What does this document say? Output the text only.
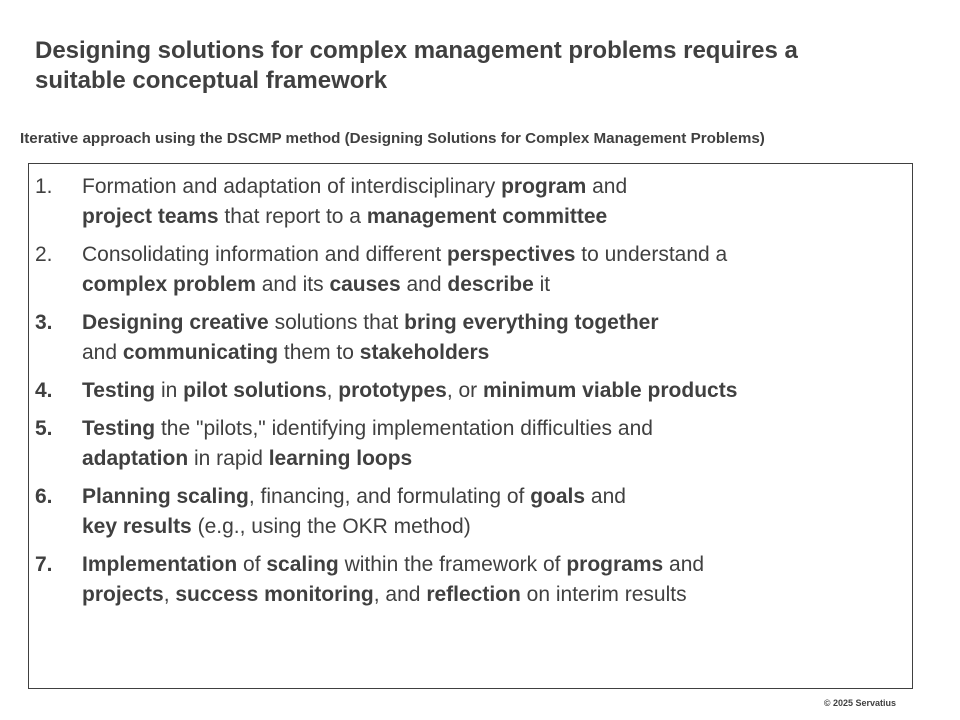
Designing solutions for complex management problems requires a
suitable conceptual framework
Iterative approach using the DSCMP method (Designing Solutions for Complex Management Problems)
1.	Formation and adaptation of interdisciplinary program and
project teams that report to a management committee
2.	Consolidating information and different perspectives to understand a
complex problem and its causes and describe it
3.	Designing creative solutions that bring everything together
and communicating them to stakeholders
4.	Testing in pilot solutions, prototypes, or minimum viable products
5.	Testing the "pilots," identifying implementation difficulties and
adaptation in rapid learning loops
6.	Planning scaling, financing, and formulating of goals and
key results (e.g., using the OKR method)
7.	Implementation of scaling within the framework of programs and
projects, success monitoring, and reflection on interim results
© 2025 Servatius
